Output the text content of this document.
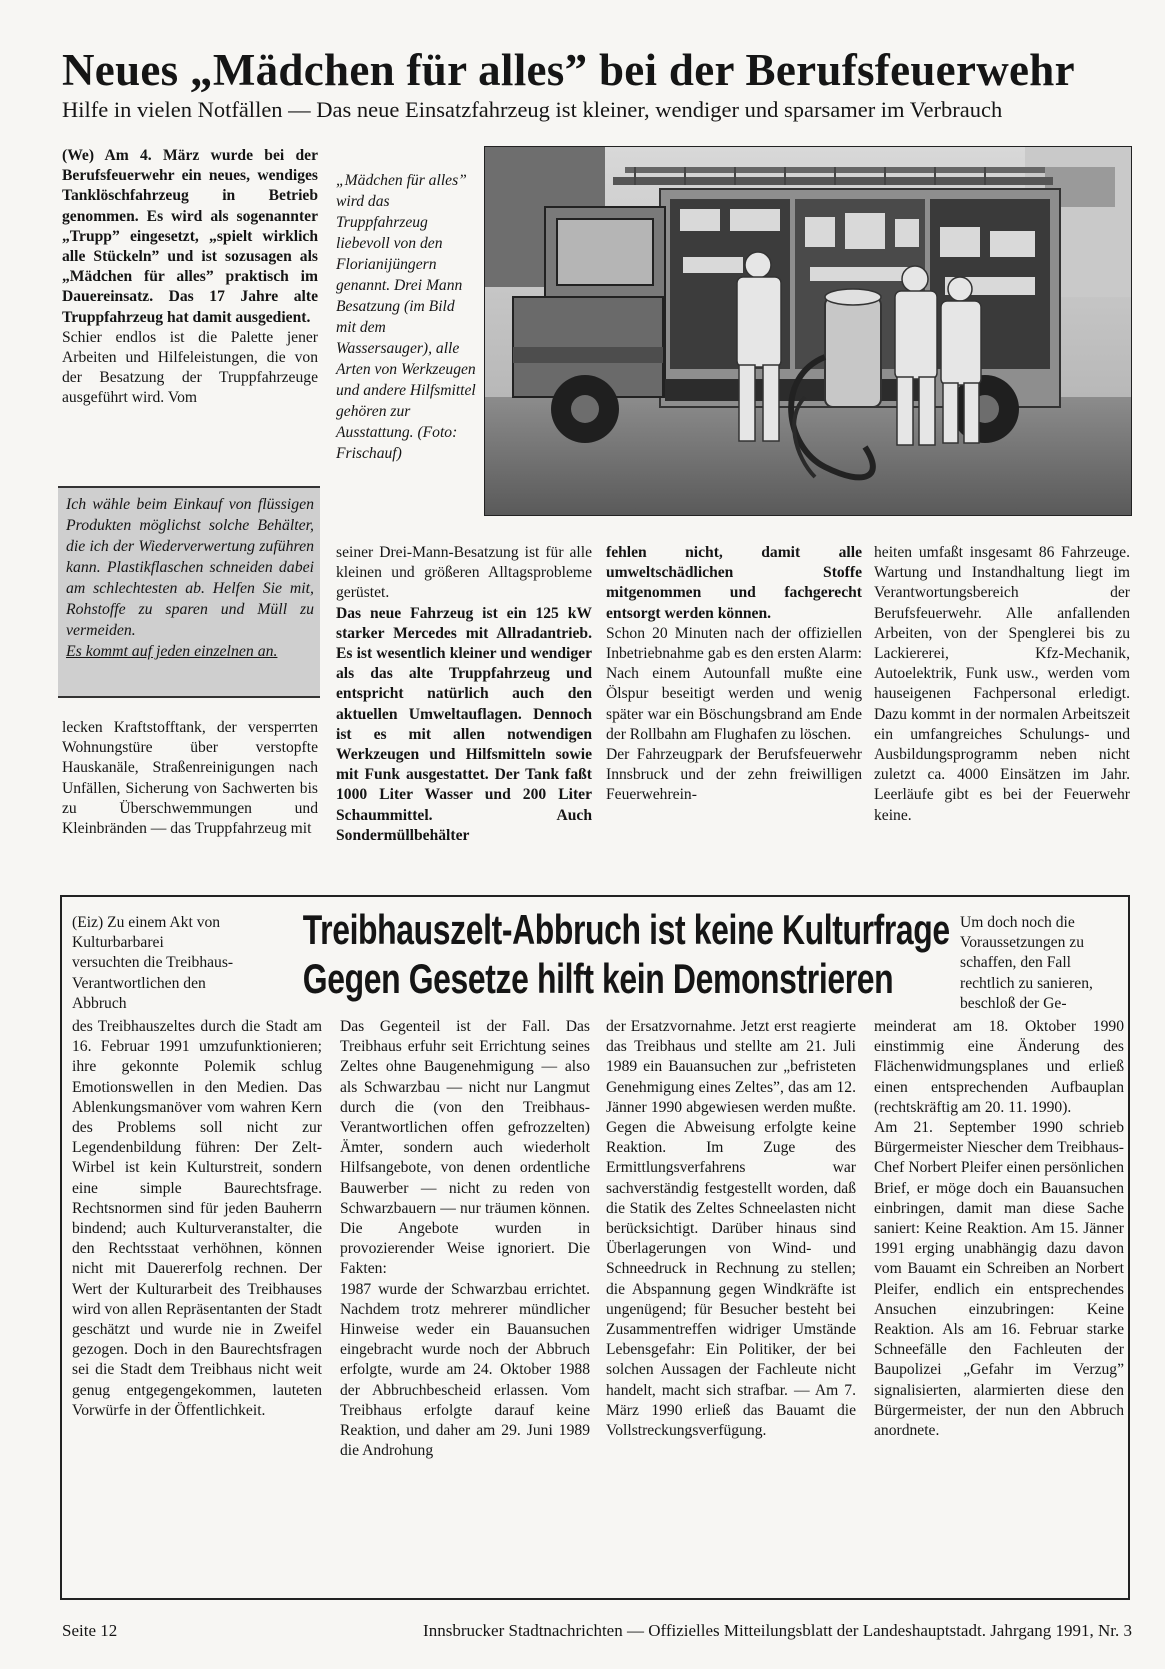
Neues „Mädchen für alles” bei der Berufsfeuerwehr
Hilfe in vielen Notfällen — Das neue Einsatzfahrzeug ist kleiner, wendiger und sparsamer im Verbrauch

(We) Am 4. März wurde bei der Berufsfeuerwehr ein neues, wendiges Tanklöschfahrzeug in Betrieb genommen. Es wird als sogenannter „Trupp” eingesetzt, „spielt wirklich alle Stückeln” und ist sozusagen als „Mädchen für alles” praktisch im Dauereinsatz. Das 17 Jahre alte Truppfahrzeug hat damit ausgedient.

Schier endlos ist die Palette jener Arbeiten und Hilfeleistungen, die von der Besatzung der Truppfahrzeuge ausgeführt wird. Vom

Ich wähle beim Einkauf von flüssigen Produkten möglichst solche Behälter, die ich der Wiederverwertung zuführen kann. Plastikflaschen schneiden dabei am schlechtesten ab. Helfen Sie mit, Rohstoffe zu sparen und Müll zu vermeiden.
Es kommt auf jeden einzelnen an.

lecken Kraftstofftank, der versperrten Wohnungstüre über verstopfte Hauskanäle, Straßenreinigungen nach Unfällen, Sicherung von Sachwerten bis zu Überschwemmungen und Kleinbränden — das Truppfahrzeug mit

„Mädchen für alles” wird das Truppfahrzeug liebevoll von den Florianijüngern genannt. Drei Mann Besatzung (im Bild mit dem Wassersauger), alle Arten von Werkzeugen und andere Hilfsmittel gehören zur Ausstattung. (Foto: Frischauf)

seiner Drei-Mann-Besatzung ist für alle kleinen und größeren Alltagsprobleme gerüstet.

Das neue Fahrzeug ist ein 125 kW starker Mercedes mit Allradantrieb. Es ist wesentlich kleiner und wendiger als das alte Truppfahrzeug und entspricht natürlich auch den aktuellen Umweltauflagen. Dennoch ist es mit allen notwendigen Werkzeugen und Hilfsmitteln sowie mit Funk ausgestattet. Der Tank faßt 1000 Liter Wasser und 200 Liter Schaummittel. Auch Sondermüllbehälter

fehlen nicht, damit alle umweltschädlichen Stoffe mitgenommen und fachgerecht entsorgt werden können.

Schon 20 Minuten nach der offiziellen Inbetriebnahme gab es den ersten Alarm: Nach einem Autounfall mußte eine Ölspur beseitigt werden und wenig später war ein Böschungsbrand am Ende der Rollbahn am Flughafen zu löschen.

Der Fahrzeugpark der Berufsfeuerwehr Innsbruck und der zehn freiwilligen Feuerwehrein-

heiten umfaßt insgesamt 86 Fahrzeuge. Wartung und Instandhaltung liegt im Verantwortungsbereich der Berufsfeuerwehr. Alle anfallenden Arbeiten, von der Spenglerei bis zu Lackiererei, Kfz-Mechanik, Autoelektrik, Funk usw., werden vom hauseigenen Fachpersonal erledigt. Dazu kommt in der normalen Arbeitszeit ein umfangreiches Schulungs- und Ausbildungsprogramm neben nicht zuletzt ca. 4000 Einsätzen im Jahr. Leerläufe gibt es bei der Feuerwehr keine.

Treibhauszelt-Abbruch ist keine Kulturfrage
Gegen Gesetze hilft kein Demonstrieren

(Eiz) Zu einem Akt von Kulturbarbarei versuchten die Treibhaus-Verantwortlichen den Abbruch

des Treibhauszeltes durch die Stadt am 16. Februar 1991 umzufunktionieren; ihre gekonnte Polemik schlug Emotionswellen in den Medien. Das Ablenkungsmanöver vom wahren Kern des Problems soll nicht zur Legendenbildung führen: Der Zelt-Wirbel ist kein Kulturstreit, sondern eine simple Baurechtsfrage. Rechtsnormen sind für jeden Bauherrn bindend; auch Kulturveranstalter, die den Rechtsstaat verhöhnen, können nicht mit Dauererfolg rechnen. Der Wert der Kulturarbeit des Treibhauses wird von allen Repräsentanten der Stadt geschätzt und wurde nie in Zweifel gezogen. Doch in den Baurechtsfragen sei die Stadt dem Treibhaus nicht weit genug entgegengekommen, lauteten Vorwürfe in der Öffentlichkeit.

Das Gegenteil ist der Fall. Das Treibhaus erfuhr seit Errichtung seines Zeltes ohne Baugenehmigung — also als Schwarzbau — nicht nur Langmut durch die (von den Treibhaus-Verantwortlichen offen gefrozzelten) Ämter, sondern auch wiederholt Hilfsangebote, von denen ordentliche Bauwerber — nicht zu reden von Schwarzbauern — nur träumen können. Die Angebote wurden in provozierender Weise ignoriert. Die Fakten:

1987 wurde der Schwarzbau errichtet. Nachdem trotz mehrerer mündlicher Hinweise weder ein Bauansuchen eingebracht wurde noch der Abbruch erfolgte, wurde am 24. Oktober 1988 der Abbruchbescheid erlassen. Vom Treibhaus erfolgte darauf keine Reaktion, und daher am 29. Juni 1989 die Androhung

der Ersatzvornahme. Jetzt erst reagierte das Treibhaus und stellte am 21. Juli 1989 ein Bauansuchen zur „befristeten Genehmigung eines Zeltes”, das am 12. Jänner 1990 abgewiesen werden mußte. Gegen die Abweisung erfolgte keine Reaktion. Im Zuge des Ermittlungsverfahrens war sachverständig festgestellt worden, daß die Statik des Zeltes Schneelasten nicht berücksichtigt. Darüber hinaus sind Überlagerungen von Wind- und Schneedruck in Rechnung zu stellen; die Abspannung gegen Windkräfte ist ungenügend; für Besucher besteht bei Zusammentreffen widriger Umstände Lebensgefahr: Ein Politiker, der bei solchen Aussagen der Fachleute nicht handelt, macht sich strafbar. — Am 7. März 1990 erließ das Bauamt die Vollstreckungsverfügung.

Um doch noch die Voraussetzungen zu schaffen, den Fall rechtlich zu sanieren, beschloß der Ge-

meinderat am 18. Oktober 1990 einstimmig eine Änderung des Flächenwidmungsplanes und erließ einen entsprechenden Aufbauplan (rechtskräftig am 20. 11. 1990).

Am 21. September 1990 schrieb Bürgermeister Niescher dem Treibhaus-Chef Norbert Pleifer einen persönlichen Brief, er möge doch ein Bauansuchen einbringen, damit man diese Sache saniert: Keine Reaktion. Am 15. Jänner 1991 erging unabhängig dazu davon vom Bauamt ein Schreiben an Norbert Pleifer, endlich ein entsprechendes Ansuchen einzubringen: Keine Reaktion. Als am 16. Februar starke Schneefälle den Fachleuten der Baupolizei „Gefahr im Verzug” signalisierten, alarmierten diese den Bürgermeister, der nun den Abbruch anordnete.

Seite 12	Innsbrucker Stadtnachrichten — Offizielles Mitteilungsblatt der Landeshauptstadt. Jahrgang 1991, Nr. 3
